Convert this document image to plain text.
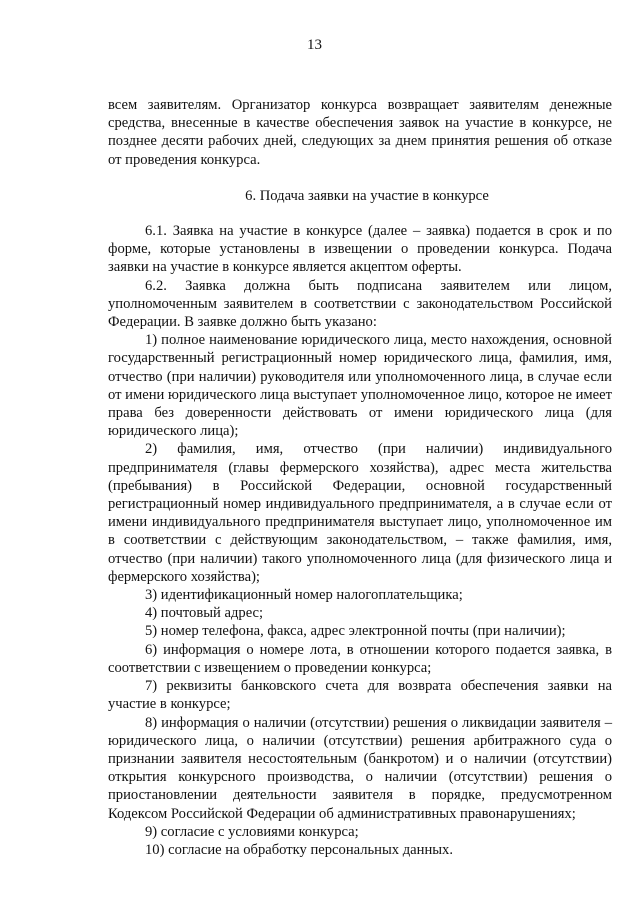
13

всем заявителям. Организатор конкурса возвращает заявителям денежные средства, внесенные в качестве обеспечения заявок на участие в конкурсе, не позднее десяти рабочих дней, следующих за днем принятия решения об отказе от проведения конкурса.

6. Подача заявки на участие в конкурсе

6.1. Заявка на участие в конкурсе (далее – заявка) подается в срок и по форме, которые установлены в извещении о проведении конкурса. Подача заявки на участие в конкурсе является акцептом оферты.

6.2. Заявка должна быть подписана заявителем или лицом, уполномоченным заявителем в соответствии с законодательством Российской Федерации. В заявке должно быть указано:

1) полное наименование юридического лица, место нахождения, основной государственный регистрационный номер юридического лица, фамилия, имя, отчество (при наличии) руководителя или уполномоченного лица, в случае если от имени юридического лица выступает уполномоченное лицо, которое не имеет права без доверенности действовать от имени юридического лица (для юридического лица);

2) фамилия, имя, отчество (при наличии) индивидуального предпринимателя (главы фермерского хозяйства), адрес места жительства (пребывания) в Российской Федерации, основной государственный регистрационный номер индивидуального предпринимателя, а в случае если от имени индивидуального предпринимателя выступает лицо, уполномоченное им в соответствии с действующим законодательством, – также фамилия, имя, отчество (при наличии) такого уполномоченного лица (для физического лица и фермерского хозяйства);

3) идентификационный номер налогоплательщика;

4) почтовый адрес;

5) номер телефона, факса, адрес электронной почты (при наличии);

6) информация о номере лота, в отношении которого подается заявка, в соответствии с извещением о проведении конкурса;

7) реквизиты банковского счета для возврата обеспечения заявки на участие в конкурсе;

8) информация о наличии (отсутствии) решения о ликвидации заявителя – юридического лица, о наличии (отсутствии) решения арбитражного суда о признании заявителя несостоятельным (банкротом) и о наличии (отсутствии) открытия конкурсного производства, о наличии (отсутствии) решения о приостановлении деятельности заявителя в порядке, предусмотренном Кодексом Российской Федерации об административных правонарушениях;

9) согласие с условиями конкурса;

10) согласие на обработку персональных данных.
